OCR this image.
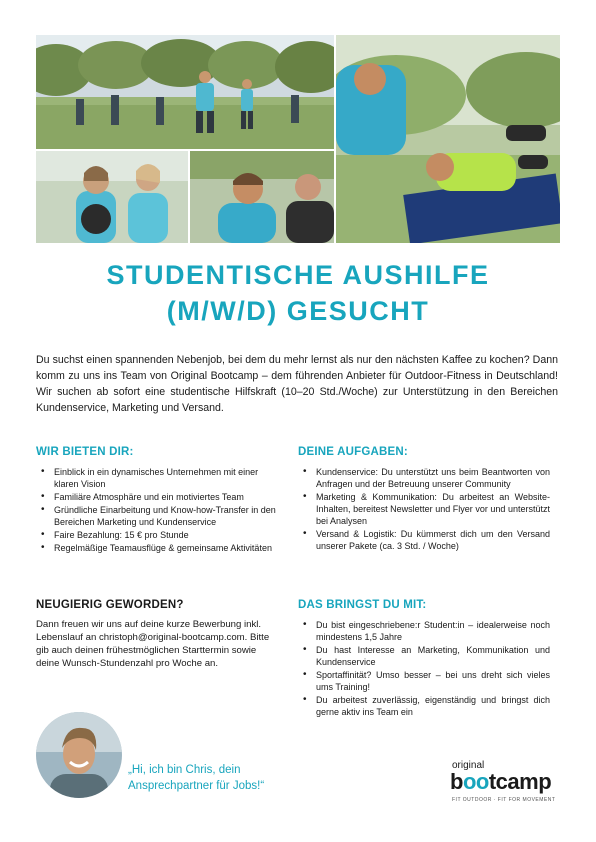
STUDENTISCHE AUSHILFE
(M/W/D) GESUCHT
Du suchst einen spannenden Nebenjob, bei dem du mehr lernst als nur den nächsten Kaffee zu kochen? Dann komm zu uns ins Team von Original Bootcamp – dem führenden Anbieter für Outdoor-Fitness in Deutschland! Wir suchen ab sofort eine studentische Hilfskraft (10–20 Std./Woche) zur Unterstützung in den Bereichen Kundenservice, Marketing und Versand.
WIR BIETEN DIR:
• Einblick in ein dynamisches Unternehmen mit einer klaren Vision
• Familiäre Atmosphäre und ein motiviertes Team
• Gründliche Einarbeitung und Know-how-Transfer in den Bereichen Marketing und Kundenservice
• Faire Bezahlung: 15 € pro Stunde
• Regelmäßige Teamausflüge & gemeinsame Aktivitäten
DEINE AUFGABEN:
• Kundenservice: Du unterstützt uns beim Beantworten von Anfragen und der Betreuung unserer Community
• Marketing & Kommunikation: Du arbeitest an Website-Inhalten, bereitest Newsletter und Flyer vor und unterstützt bei Analysen
• Versand & Logistik: Du kümmerst dich um den Versand unserer Pakete (ca. 3 Std. / Woche)
NEUGIERIG GEWORDEN?
Dann freuen wir uns auf deine kurze Bewerbung inkl. Lebenslauf an christoph@original-bootcamp.com. Bitte gib auch deinen frühestmöglichen Starttermin sowie deine Wunsch-Stundenzahl pro Woche an.
DAS BRINGST DU MIT:
• Du bist eingeschriebene:r Student:in – idealerweise noch mindestens 1,5 Jahre
• Du hast Interesse an Marketing, Kommunikation und Kundenservice
• Sportaffinität? Umso besser – bei uns dreht sich vieles ums Training!
• Du arbeitest zuverlässig, eigenständig und bringst dich gerne aktiv ins Team ein
„Hi, ich bin Chris, dein Ansprechpartner für Jobs!“
original
bootcamp
FIT OUTDOOR · FIT FOR MOVEMENT
